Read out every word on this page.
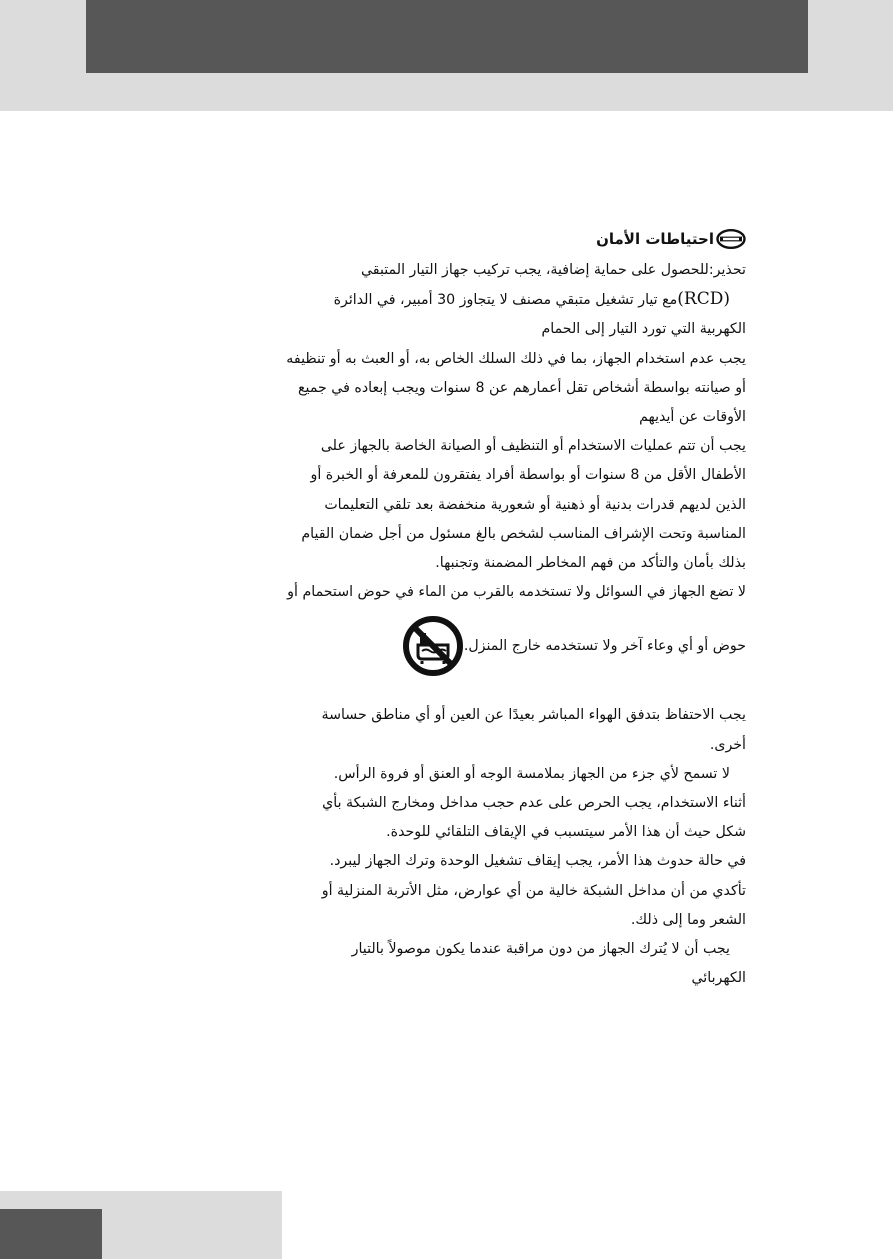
احتياطات الأمان
تحذير:للحصول على حماية إضافية، يجب تركيب جهاز التيار المتبقي
(RCD)مع تيار تشغيل متبقي مصنف لا يتجاوز 30 أمبير، في الدائرة
الكهربية التي تورد التيار إلى الحمام
يجب عدم استخدام الجهاز، بما في ذلك السلك الخاص به، أو العبث به أو تنظيفه
أو صيانته بواسطة أشخاص تقل أعمارهم عن 8 سنوات ويجب إبعاده في جميع
الأوقات عن أيديهم
يجب أن تتم عمليات الاستخدام أو التنظيف أو الصيانة الخاصة بالجهاز على
الأطفال الأقل من 8 سنوات أو بواسطة أفراد يفتقرون للمعرفة أو الخبرة أو
الذين لديهم قدرات بدنية أو ذهنية أو شعورية منخفضة بعد تلقي التعليمات
المناسبة وتحت الإشراف المناسب لشخص بالغ مسئول من أجل ضمان القيام
بذلك بأمان والتأكد من فهم المخاطر المضمنة وتجنبها.
لا تضع الجهاز في السوائل ولا تستخدمه بالقرب من الماء في حوض استحمام أو
حوض أو أي وعاء آخر ولا تستخدمه خارج المنزل.
يجب الاحتفاظ بتدفق الهواء المباشر بعيدًا عن العين أو أي مناطق حساسة
أخرى.
لا تسمح لأي جزء من الجهاز بملامسة الوجه أو العنق أو فروة الرأس.
أثناء الاستخدام، يجب الحرص على عدم حجب مداخل ومخارج الشبكة بأي
شكل حيث أن هذا الأمر سيتسبب في الإيقاف التلقائي للوحدة.
في حالة حدوث هذا الأمر، يجب إيقاف تشغيل الوحدة وترك الجهاز ليبرد.
تأكدي من أن مداخل الشبكة خالية من أي عوارض، مثل الأتربة المنزلية أو
الشعر وما إلى ذلك.
يجب أن لا يُترك الجهاز من دون مراقبة عندما يكون موصولاً بالتيار
الكهربائي
